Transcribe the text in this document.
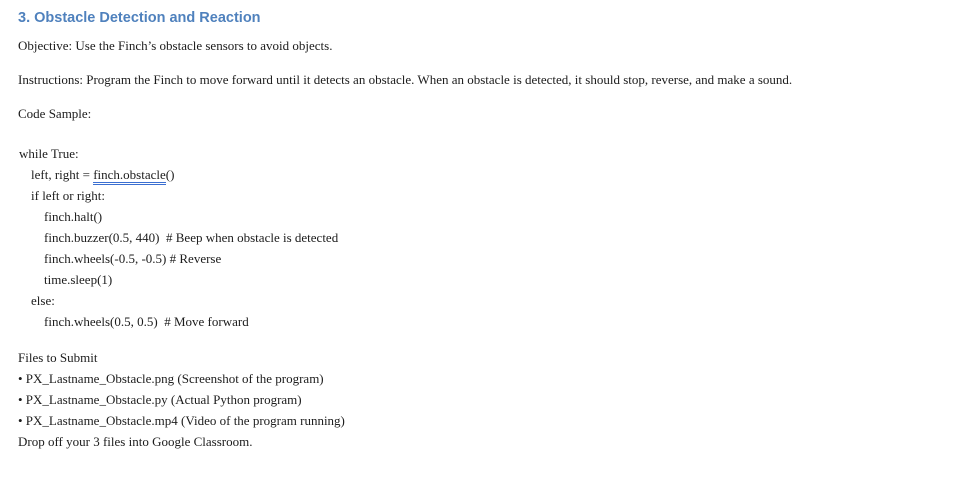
3. Obstacle Detection and Reaction
Objective: Use the Finch’s obstacle sensors to avoid objects.
Instructions: Program the Finch to move forward until it detects an obstacle. When an obstacle is detected, it should stop, reverse, and make a sound.
Code Sample:
while True:
left, right = finch.obstacle()
if left or right:
finch.halt()
finch.buzzer(0.5, 440)  # Beep when obstacle is detected
finch.wheels(-0.5, -0.5) # Reverse
time.sleep(1)
else:
finch.wheels(0.5, 0.5)  # Move forward
Files to Submit
• PX_Lastname_Obstacle.png (Screenshot of the program)
• PX_Lastname_Obstacle.py (Actual Python program)
• PX_Lastname_Obstacle.mp4 (Video of the program running)
Drop off your 3 files into Google Classroom.
